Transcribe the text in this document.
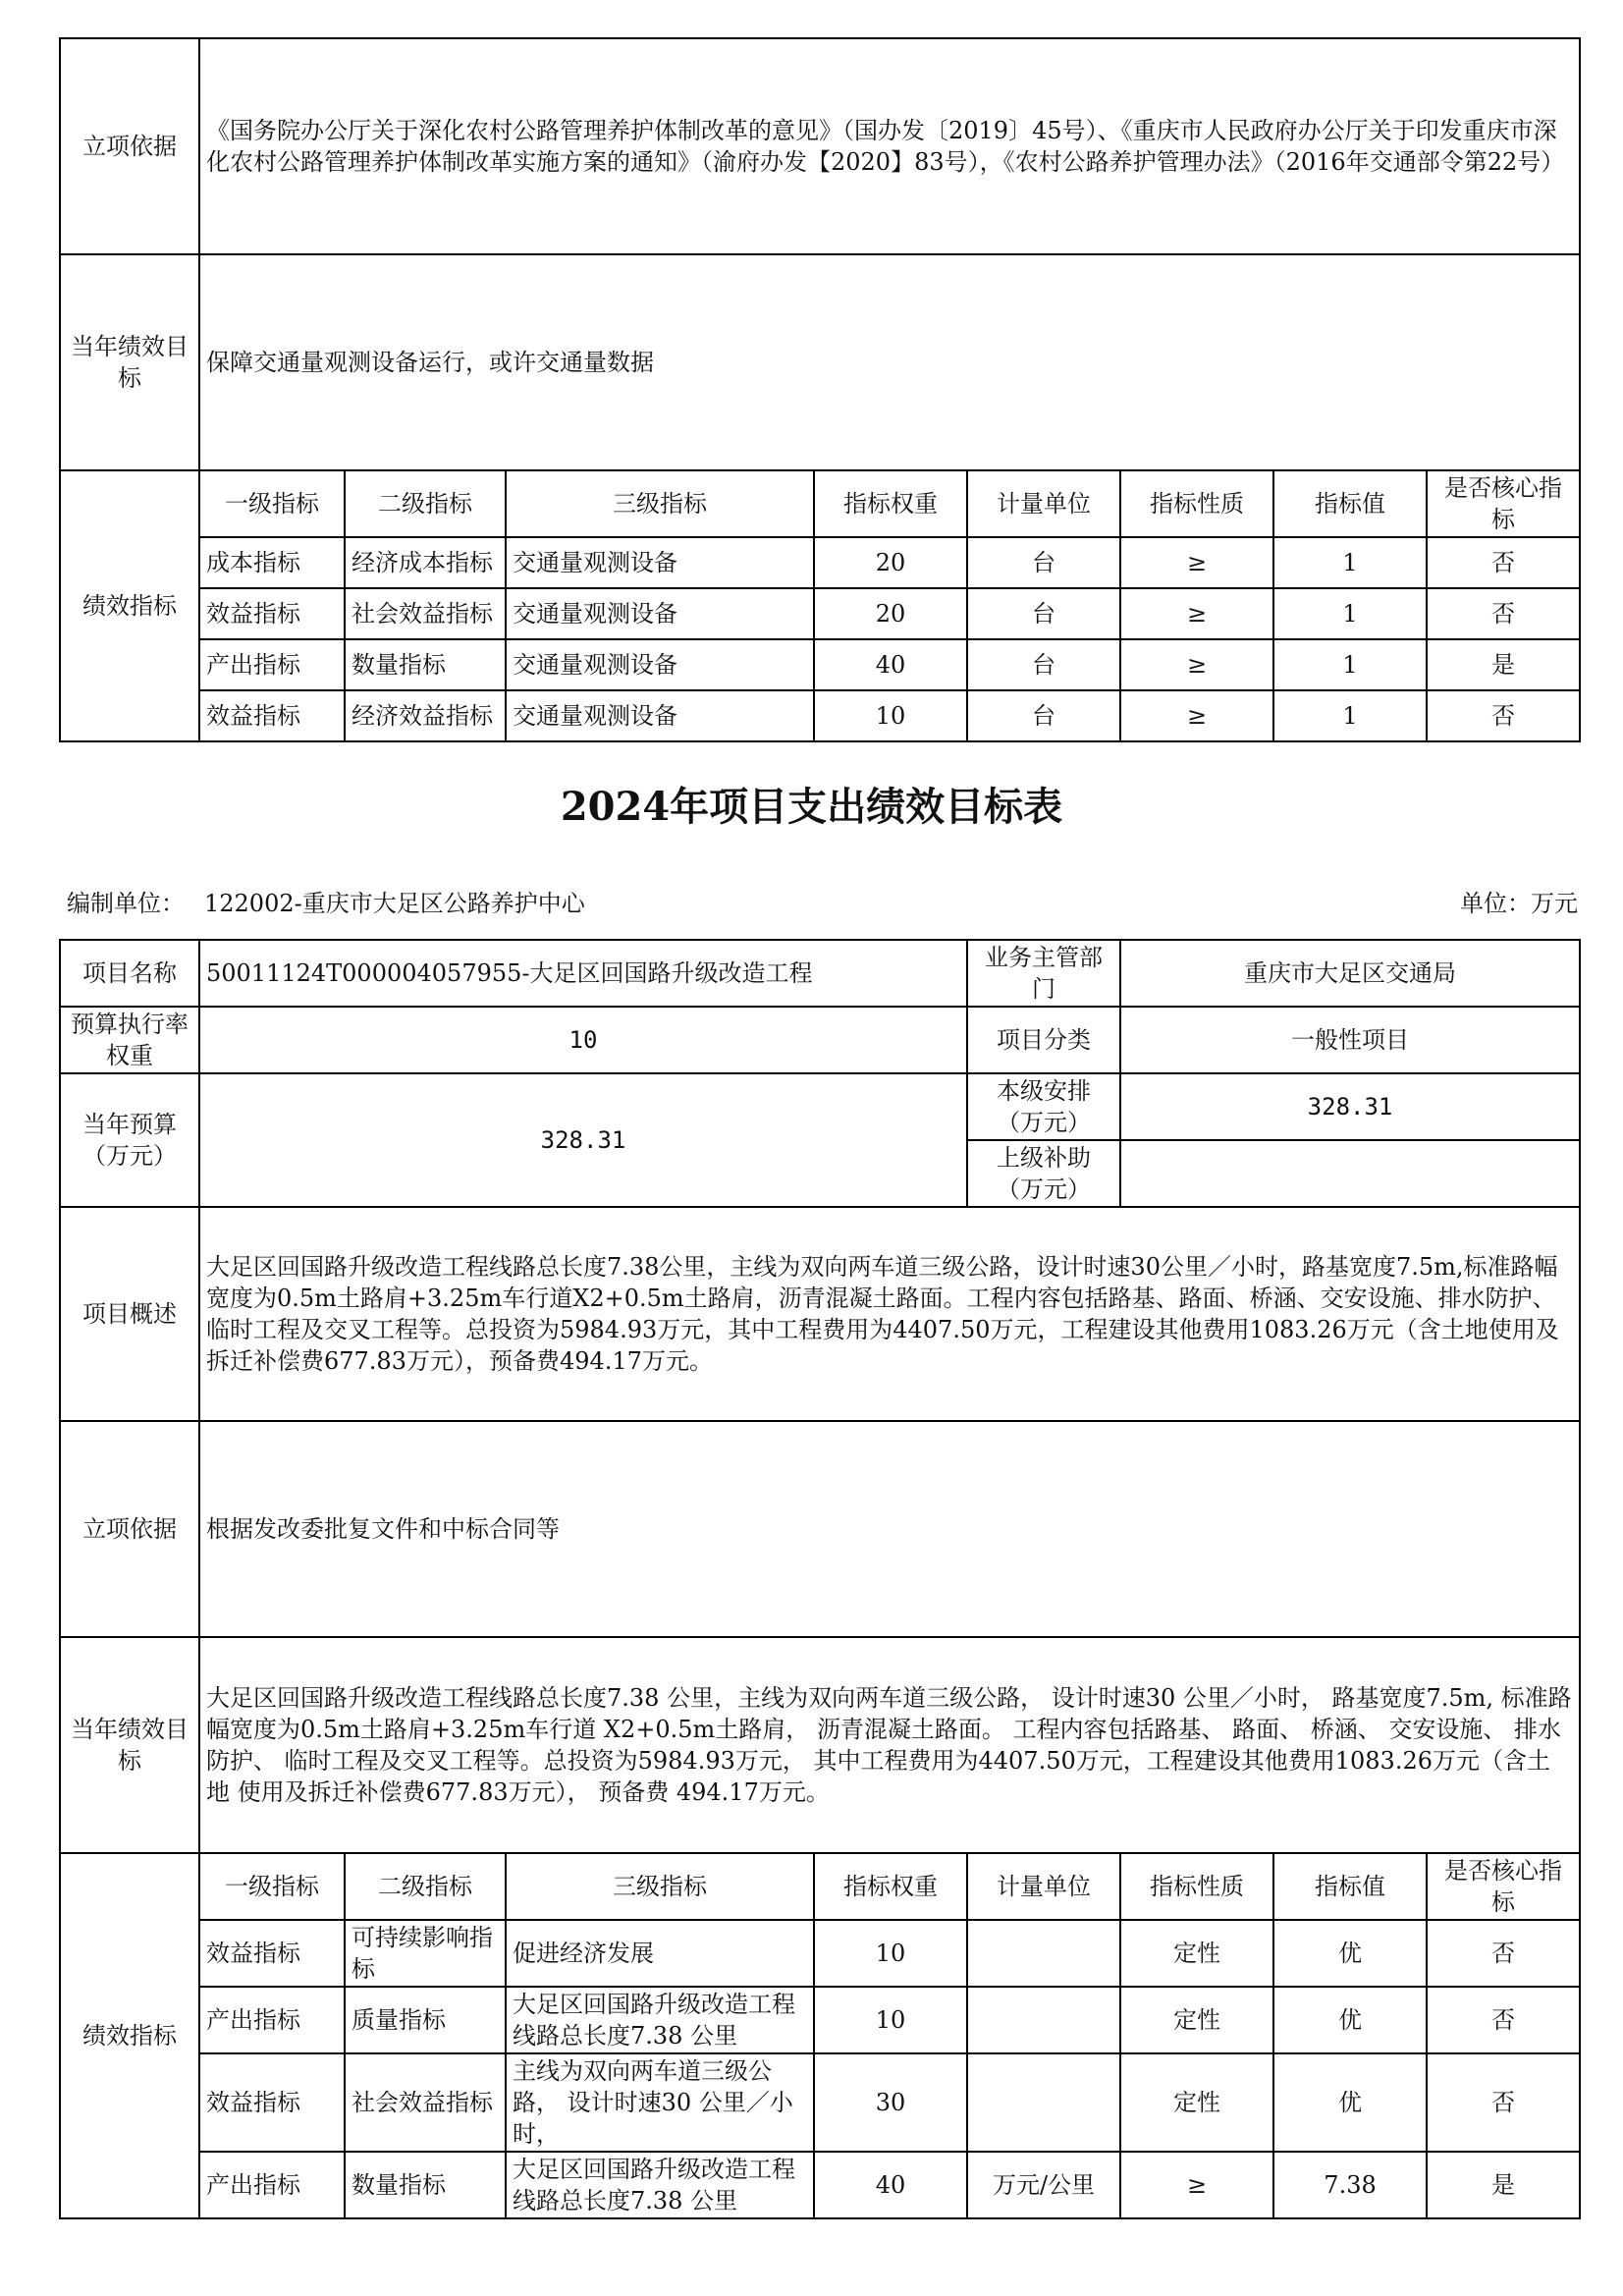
立项依据	《国务院办公厅关于深化农村公路管理养护体制改革的意见》（国办发〔2019〕45号）、《重庆市人民政府办公厅关于印发重庆市深化农村公路管理养护体制改革实施方案的通知》（渝府办发【2020】83号），《农村公路养护管理办法》（2016年交通部令第22号）							
当年绩效目标	保障交通量观测设备运行，或许交通量数据							
绩效指标	一级指标	二级指标	三级指标	指标权重	计量单位	指标性质	指标值	是否核心指标
	成本指标	经济成本指标	交通量观测设备	20	台	≥	1	否
	效益指标	社会效益指标	交通量观测设备	20	台	≥	1	否
	产出指标	数量指标	交通量观测设备	40	台	≥	1	是
	效益指标	经济效益指标	交通量观测设备	10	台	≥	1	否
2024年项目支出绩效目标表
编制单位： 122002-重庆市大足区公路养护中心	单位：万元
项目名称	50011124T000004057955-大足区回国路升级改造工程				业务主管部门	重庆市大足区交通局		
预算执行率权重	10				项目分类	一般性项目		
当年预算（万元）	328.31				本级安排（万元）	328.31		
					上级补助（万元）			
项目概述	大足区回国路升级改造工程线路总长度7.38公里，主线为双向两车道三级公路，设计时速30公里／小时，路基宽度7.5m,标准路幅宽度为0.5m土路肩+3.25m车行道X2+0.5m土路肩，沥青混凝土路面。工程内容包括路基、路面、桥涵、交安设施、排水防护、临时工程及交叉工程等。总投资为5984.93万元，其中工程费用为4407.50万元，工程建设其他费用1083.26万元（含土地使用及拆迁补偿费677.83万元），预备费494.17万元。							
立项依据	根据发改委批复文件和中标合同等							
当年绩效目标	大足区回国路升级改造工程线路总长度7.38 公里，主线为双向两车道三级公路， 设计时速30 公里／小时， 路基宽度7.5m, 标准路幅宽度为0.5m土路肩+3.25m车行道 X2+0.5m土路肩， 沥青混凝土路面。 工程内容包括路基、 路面、 桥涵、 交安设施、 排水防护、 临时工程及交叉工程等。总投资为5984.93万元， 其中工程费用为4407.50万元，工程建设其他费用1083.26万元（含土地 使用及拆迁补偿费677.83万元）， 预备费 494.17万元。							
绩效指标	一级指标	二级指标	三级指标	指标权重	计量单位	指标性质	指标值	是否核心指标
	效益指标	可持续影响指标	促进经济发展	10		定性	优	否
	产出指标	质量指标	大足区回国路升级改造工程线路总长度7.38 公里	10		定性	优	否
	效益指标	社会效益指标	主线为双向两车道三级公路， 设计时速30 公里／小时，	30		定性	优	否
	产出指标	数量指标	大足区回国路升级改造工程线路总长度7.38 公里	40	万元/公里	≥	7.38	是
